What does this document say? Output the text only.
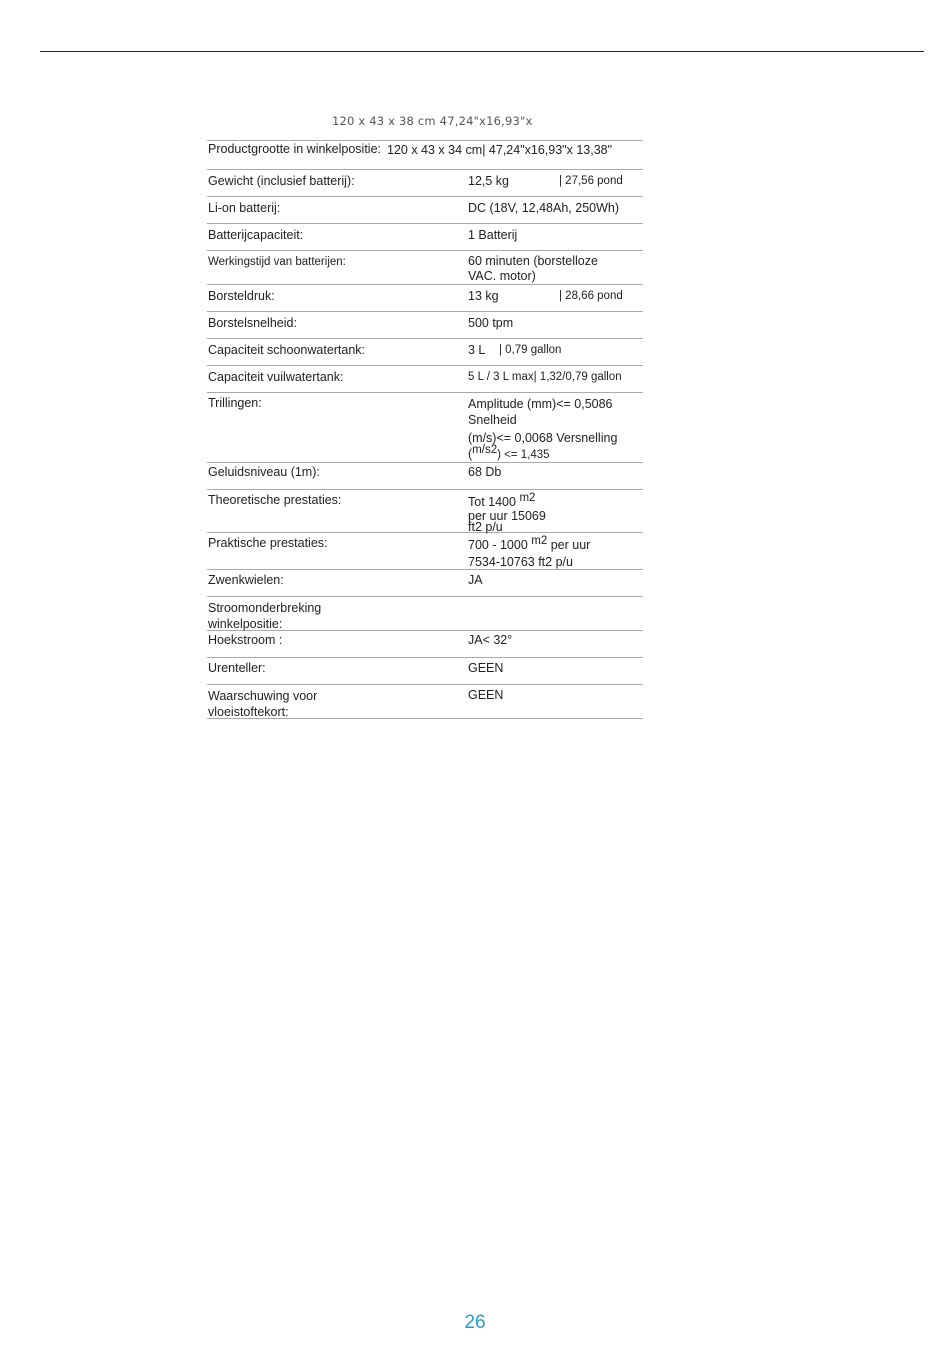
120 x 43 x 38 cm 47,24"x16,93"x
Productgrootte in winkelpositie: 120 x 43 x 34 cm| 47,24"x16,93"x 13,38"
Gewicht (inclusief batterij):	12,5 kg	| 27,56 pond
Li-on batterij:	DC (18V, 12,48Ah, 250Wh)
Batterijcapaciteit:	1 Batterij
Werkingstijd van batterijen:	60 minuten (borstelloze
VAC. motor)
Borsteldruk:	13 kg	| 28,66 pond
Borstelsnelheid:	500 tpm
Capaciteit schoonwatertank:	3 L | 0,79 gallon
Capaciteit vuilwatertank:	5 L / 3 L max| 1,32/0,79 gallon
Trillingen:	Amplitude (mm)<= 0,5086
Snelheid
(m/s)<= 0,0068 Versnelling
(m/s2) <= 1,435
Geluidsniveau (1m):	68 Db
Theoretische prestaties:	Tot 1400 m2
per uur 15069
ft2 p/u
Praktische prestaties:	700 - 1000 m2 per uur
7534-10763 ft2 p/u
Zwenkwielen:	JA
Stroomonderbreking
winkelpositie:
Hoekstroom :	JA< 32°
Urenteller:	GEEN
Waarschuwing voor
vloeistoftekort:
GEEN
26
